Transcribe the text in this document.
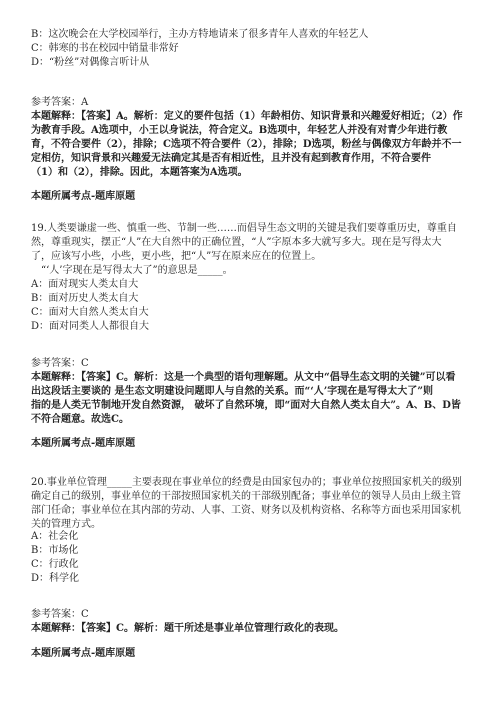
B：这次晚会在大学校园举行，主办方特地请来了很多青年人喜欢的年轻艺人
C：韩寒的书在校园中销量非常好
D：“粉丝”对偶像言听计从
参考答案：A
本题解释：【答案】A。解析：定义的要件包括（1）年龄相仿、知识背景和兴趣爱好相近；（2）作
为教育手段。A选项中，小王以身说法，符合定义。B选项中，年轻艺人并没有对青少年进行教
育，不符合要件（2），排除；C选项不符合要件（2），排除；D选项，粉丝与偶像双方年龄并不一
定相仿，知识背景和兴趣爱无法确定其是否有相近性，且并没有起到教育作用，不符合要件
（1）和（2），排除。因此，本题答案为A选项。
本题所属考点-题库原题
19.人类要谦虚一些、慎重一些、节制一些……而倡导生态文明的关键是我们要尊重历史，尊重自
然，尊重现实，摆正“人”在大自然中的正确位置，“人”字原本多大就写多大。现在是写得太大
了，应该写小些，小些，更小些，把“人”写在原来应在的位置上。
“‘人’字现在是写得太大了”的意思是_____。
A：面对现实人类太自大
B：面对历史人类太自大
C：面对大自然人类太自大
D：面对同类人人都很自大
参考答案：C
本题解释：【答案】C。解析：这是一个典型的语句理解题。从文中“倡导生态文明的关键”可以看
出这段话主要谈的 是生态文明建设问题即人与自然的关系。而“‘人’字现在是写得太大了”则
指的是人类无节制地开发自然资源， 破坏了自然环境，即“面对大自然人类太自大”。A、B、D皆
不符合题意。故选C。
本题所属考点-题库原题
20.事业单位管理_____主要表现在事业单位的经费是由国家包办的；事业单位按照国家机关的级别
确定自己的级别，事业单位的干部按照国家机关的干部级别配备；事业单位的领导人员由上级主管
部门任命；事业单位在其内部的劳动、人事、工资、财务以及机构资格、名称等方面也采用国家机
关的管理方式。
A：社会化
B：市场化
C：行政化
D：科学化
参考答案：C
本题解释：【答案】C。解析：题干所述是事业单位管理行政化的表现。
本题所属考点-题库原题
